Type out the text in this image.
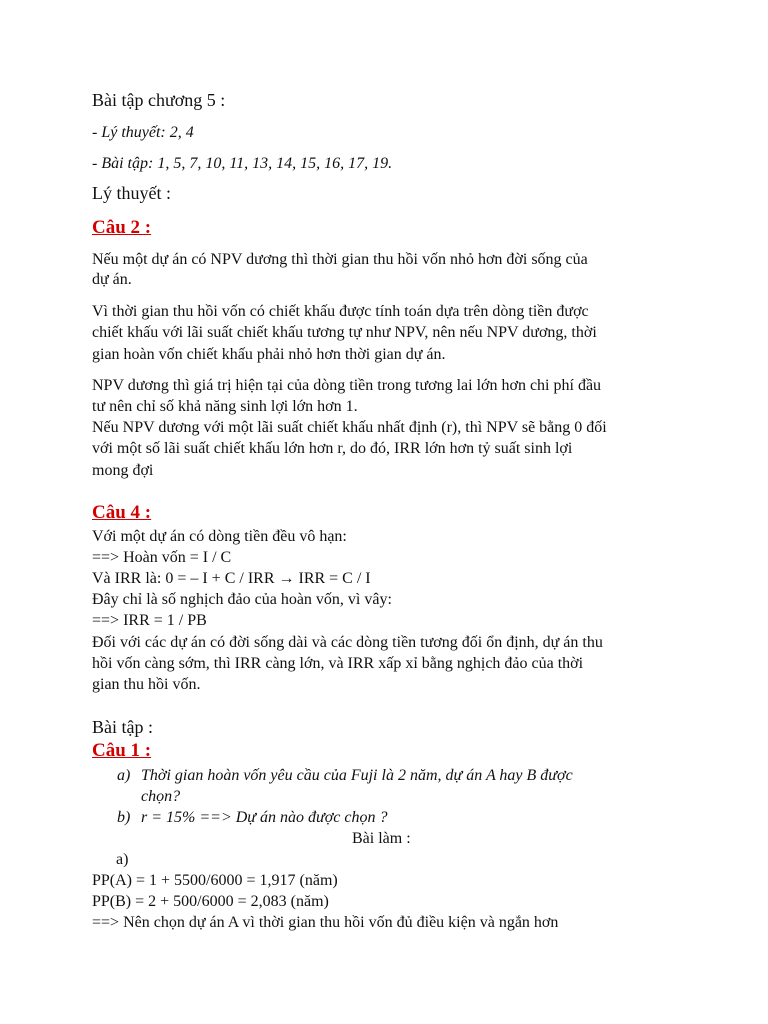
Bài tập chương 5 :
- Lý thuyết: 2, 4
- Bài tập: 1, 5, 7, 10, 11, 13, 14, 15, 16, 17, 19.
Lý thuyết :
Câu 2 :
Nếu một dự án có NPV dương thì thời gian thu hồi vốn nhỏ hơn đời sống của
dự án.
Vì thời gian thu hồi vốn có chiết khấu được tính toán dựa trên dòng tiền được
chiết khấu với lãi suất chiết khấu tương tự như NPV, nên nếu NPV dương, thời
gian hoàn vốn chiết khấu phải nhỏ hơn thời gian dự án.
NPV dương thì giá trị hiện tại của dòng tiền trong tương lai lớn hơn chi phí đầu
tư nên chỉ số khả năng sinh lợi lớn hơn 1.
Nếu NPV dương với một lãi suất chiết khấu nhất định (r), thì NPV sẽ bằng 0 đối
với một số lãi suất chiết khấu lớn hơn r, do đó, IRR lớn hơn tỷ suất sinh lợi
mong đợi
Câu 4 :
Với một dự án có dòng tiền đều vô hạn:
==> Hoàn vốn = I / C
Và IRR là: 0 = – I + C / IRR → IRR = C / I
Đây chỉ là số nghịch đảo của hoàn vốn, vì vây:
==> IRR = 1 / PB
Đối với các dự án có đời sống dài và các dòng tiền tương đối ổn định, dự án thu
hồi vốn càng sớm, thì IRR càng lớn, và IRR xấp xỉ bằng nghịch đảo của thời
gian thu hồi vốn.
Bài tập :
Câu 1 :
a) Thời gian hoàn vốn yêu cầu của Fuji là 2 năm, dự án A hay B được
chọn?
b) r = 15% ==> Dự án nào được chọn ?
Bài làm :
a)
PP(A) = 1 + 5500/6000 = 1,917 (năm)
PP(B) = 2 + 500/6000 = 2,083 (năm)
==> Nên chọn dự án A vì thời gian thu hồi vốn đủ điều kiện và ngắn hơn
